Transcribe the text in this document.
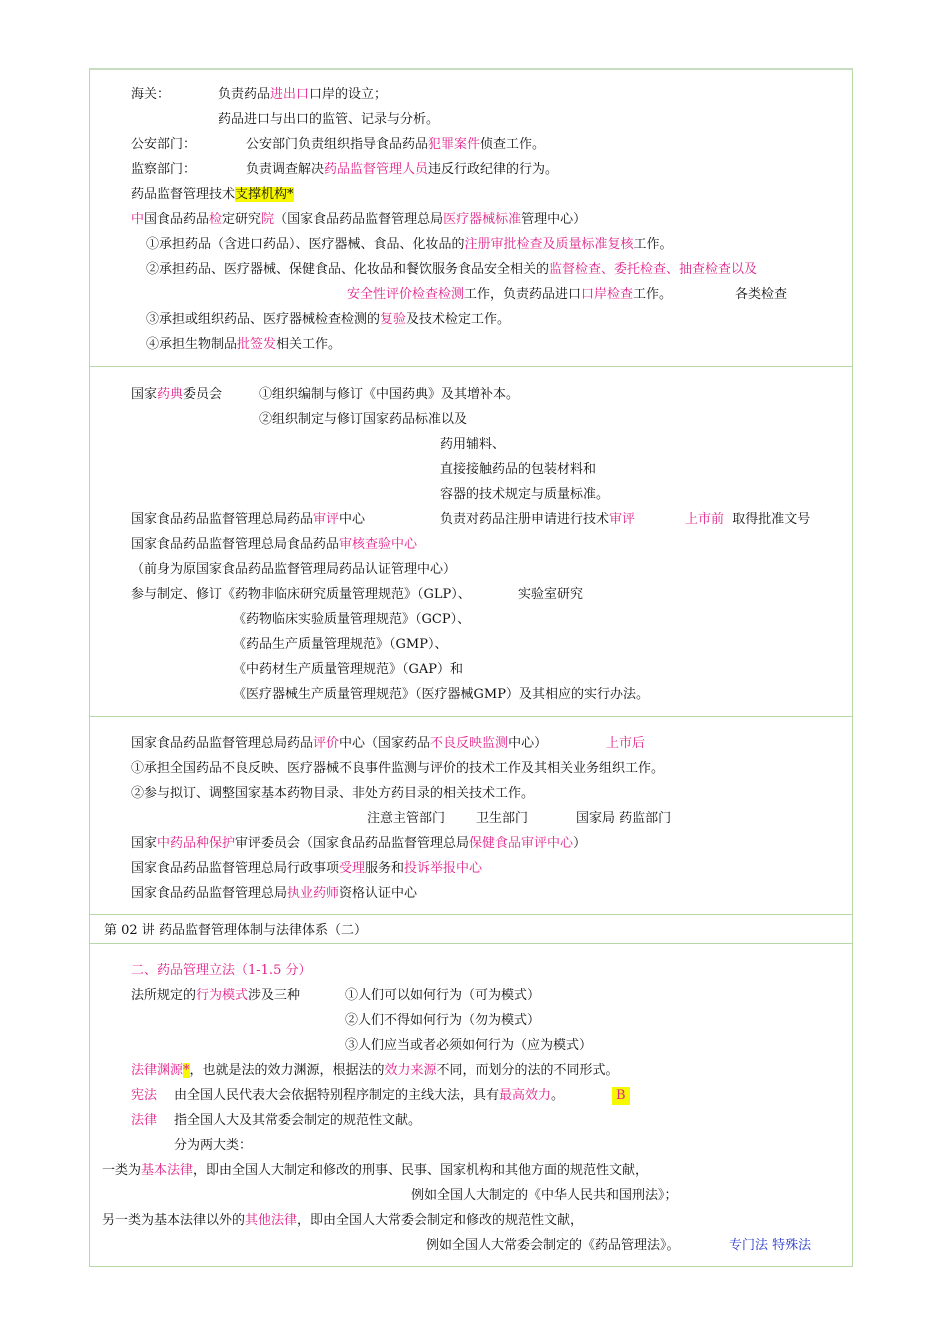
海关：	负责药品进出口口岸的设立；
药品进口与出口的监管、记录与分析。
公安部门：	公安部门负责组织指导食品药品犯罪案件侦查工作。
监察部门：	负责调查解决药品监督管理人员违反行政纪律的行为。
药品监督管理技术支撑机构*
中国食品药品检定研究院（国家食品药品监督管理总局医疗器械标准管理中心）
①承担药品（含进口药品）、医疗器械、食品、化妆品的注册审批检查及质量标准复核工作。
②承担药品、医疗器械、保健食品、化妆品和餐饮服务食品安全相关的监督检查、委托检查、抽查检查以及
安全性评价检查检测工作，负责药品进口口岸检查工作。	各类检查
③承担或组织药品、医疗器械检查检测的复验及技术检定工作。
④承担生物制品批签发相关工作。
国家药典委员会	①组织编制与修订《中国药典》及其增补本。
②组织制定与修订国家药品标准以及
药用辅料、
直接接触药品的包装材料和
容器的技术规定与质量标准。
国家食品药品监督管理总局药品审评中心	负责对药品注册申请进行技术审评	上市前 取得批准文号
国家食品药品监督管理总局食品药品审核查验中心
（前身为原国家食品药品监督管理局药品认证管理中心）
参与制定、修订《药物非临床研究质量管理规范》（GLP）、	实验室研究
《药物临床实验质量管理规范》（GCP）、
《药品生产质量管理规范》（GMP）、
《中药材生产质量管理规范》（GAP）和
《医疗器械生产质量管理规范》（医疗器械GMP）及其相应的实行办法。
国家食品药品监督管理总局药品评价中心（国家药品不良反映监测中心）	上市后
①承担全国药品不良反映、医疗器械不良事件监测与评价的技术工作及其相关业务组织工作。
②参与拟订、调整国家基本药物目录、非处方药目录的相关技术工作。
注意主管部门 卫生部门	国家局 药监部门
国家中药品种保护审评委员会（国家食品药品监督管理总局保健食品审评中心）
国家食品药品监督管理总局行政事项受理服务和投诉举报中心
国家食品药品监督管理总局执业药师资格认证中心
第 02 讲 药品监督管理体制与法律体系（二）
二、药品管理立法（1-1.5 分）
法所规定的行为模式涉及三种	①人们可以如何行为（可为模式）
②人们不得如何行为（勿为模式）
③人们应当或者必须如何行为（应为模式）
法律渊源*，也就是法的效力渊源，根据法的效力来源不同，而划分的法的不同形式。
宪法 由全国人民代表大会依据特别程序制定的主线大法，具有最高效力。	B
法律 指全国人大及其常委会制定的规范性文献。
分为两大类：
一类为基本法律，即由全国人大制定和修改的刑事、民事、国家机构和其他方面的规范性文献，
例如全国人大制定的《中华人民共和国刑法》；
另一类为基本法律以外的其他法律，即由全国人大常委会制定和修改的规范性文献，
例如全国人大常委会制定的《药品管理法》。	专门法 特殊法
